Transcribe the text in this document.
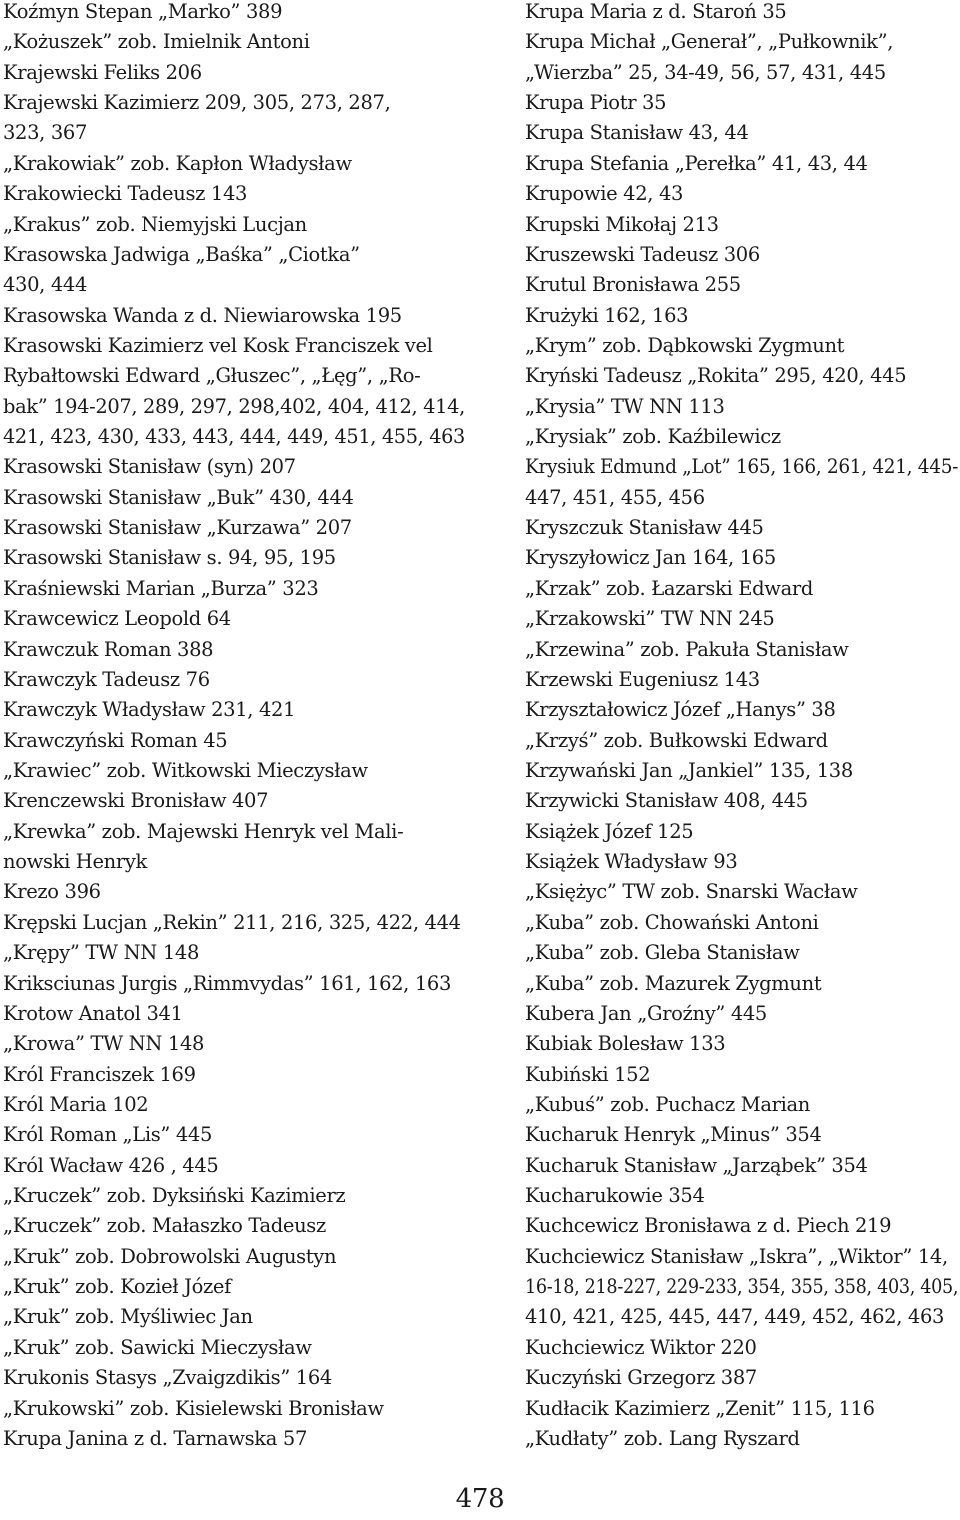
Koźmyn Stepan „Marko” 389
„Kożuszek” zob. Imielnik Antoni
Krajewski Feliks 206
Krajewski Kazimierz 209, 305, 273, 287,
323, 367
„Krakowiak” zob. Kapłon Władysław
Krakowiecki Tadeusz 143
„Krakus” zob. Niemyjski Lucjan
Krasowska Jadwiga „Baśka” „Ciotka”
430, 444
Krasowska Wanda z d. Niewiarowska 195
Krasowski Kazimierz vel Kosk Franciszek vel
Rybałtowski Edward „Głuszec”, „Łęg”, „Ro-
bak” 194-207, 289, 297, 298,402, 404, 412, 414,
421, 423, 430, 433, 443, 444, 449, 451, 455, 463
Krasowski Stanisław (syn) 207
Krasowski Stanisław „Buk” 430, 444
Krasowski Stanisław „Kurzawa” 207
Krasowski Stanisław s. 94, 95, 195
Kraśniewski Marian „Burza” 323
Krawcewicz Leopold 64
Krawczuk Roman 388
Krawczyk Tadeusz 76
Krawczyk Władysław 231, 421
Krawczyński Roman 45
„Krawiec” zob. Witkowski Mieczysław
Krenczewski Bronisław 407
„Krewka” zob. Majewski Henryk vel Mali-
nowski Henryk
Krezo 396
Krępski Lucjan „Rekin” 211, 216, 325, 422, 444
„Krępy” TW NN 148
Kriksciunas Jurgis „Rimmvydas” 161, 162, 163
Krotow Anatol 341
„Krowa” TW NN 148
Król Franciszek 169
Król Maria 102
Król Roman „Lis” 445
Król Wacław 426 , 445
„Kruczek” zob. Dyksiński Kazimierz
„Kruczek” zob. Małaszko Tadeusz
„Kruk” zob. Dobrowolski Augustyn
„Kruk” zob. Kozieł Józef
„Kruk” zob. Myśliwiec Jan
„Kruk” zob. Sawicki Mieczysław
Krukonis Stasys „Zvaigzdikis” 164
„Krukowski” zob. Kisielewski Bronisław
Krupa Janina z d. Tarnawska 57
Krupa Maria z d. Staroń 35
Krupa Michał „Generał”, „Pułkownik”,
„Wierzba” 25, 34-49, 56, 57, 431, 445
Krupa Piotr 35
Krupa Stanisław 43, 44
Krupa Stefania „Perełka” 41, 43, 44
Krupowie 42, 43
Krupski Mikołaj 213
Kruszewski Tadeusz 306
Krutul Bronisława 255
Krużyki 162, 163
„Krym” zob. Dąbkowski Zygmunt
Kryński Tadeusz „Rokita” 295, 420, 445
„Krysia” TW NN 113
„Krysiak” zob. Kaźbilewicz
Krysiuk Edmund „Lot” 165, 166, 261, 421, 445-
447, 451, 455, 456
Kryszczuk Stanisław 445
Kryszyłowicz Jan 164, 165
„Krzak” zob. Łazarski Edward
„Krzakowski” TW NN 245
„Krzewina” zob. Pakuła Stanisław
Krzewski Eugeniusz 143
Krzyształowicz Józef „Hanys” 38
„Krzyś” zob. Bułkowski Edward
Krzywański Jan „Jankiel” 135, 138
Krzywicki Stanisław 408, 445
Książek Józef 125
Książek Władysław 93
„Księżyc” TW zob. Snarski Wacław
„Kuba” zob. Chowański Antoni
„Kuba” zob. Gleba Stanisław
„Kuba” zob. Mazurek Zygmunt
Kubera Jan „Groźny” 445
Kubiak Bolesław 133
Kubiński 152
„Kubuś” zob. Puchacz Marian
Kucharuk Henryk „Minus” 354
Kucharuk Stanisław „Jarząbek” 354
Kucharukowie 354
Kuchcewicz Bronisława z d. Piech 219
Kuchciewicz Stanisław „Iskra”, „Wiktor” 14,
16-18, 218-227, 229-233, 354, 355, 358, 403, 405,
410, 421, 425, 445, 447, 449, 452, 462, 463
Kuchciewicz Wiktor 220
Kuczyński Grzegorz 387
Kudłacik Kazimierz „Zenit” 115, 116
„Kudłaty” zob. Lang Ryszard
478
